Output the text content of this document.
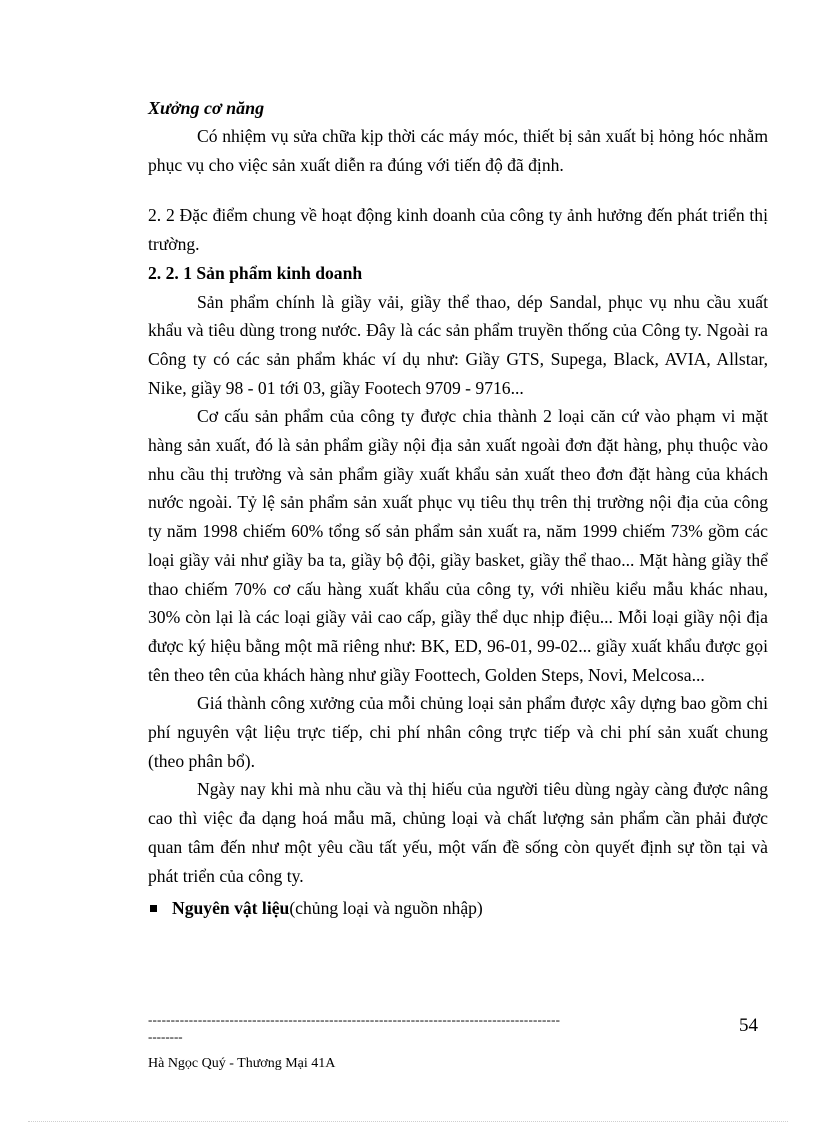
Xưởng cơ năng

Có nhiệm vụ sửa chữa kịp thời các máy móc, thiết bị sản xuất bị hỏng hóc nhằm phục vụ cho việc sản xuất diễn ra đúng với tiến độ đã định.

2. 2 Đặc điểm chung về hoạt động kinh doanh của công ty ảnh hưởng đến phát triển thị trường.

2. 2. 1 Sản phẩm kinh doanh

Sản phẩm chính là giầy vải, giầy thể thao, dép Sandal, phục vụ nhu cầu xuất khẩu và tiêu dùng trong nước. Đây là các sản phẩm truyền thống của Công ty. Ngoài ra Công ty có các sản phẩm khác ví dụ như: Giầy GTS, Supega, Black, AVIA, Allstar, Nike, giầy 98 - 01 tới 03, giầy Footech 9709 - 9716...

Cơ cấu sản phẩm của công ty được chia thành 2 loại căn cứ vào phạm vi mặt hàng sản xuất, đó là sản phẩm giầy nội địa sản xuất ngoài đơn đặt hàng, phụ thuộc vào nhu cầu thị trường và sản phẩm giầy xuất khẩu sản xuất theo đơn đặt hàng của khách nước ngoài. Tỷ lệ sản phẩm sản xuất phục vụ tiêu thụ trên thị trường nội địa của công ty năm 1998 chiếm 60% tổng số sản phẩm sản xuất ra, năm 1999 chiếm 73% gồm các loại giầy vải như giầy ba ta, giầy bộ đội, giầy basket, giầy thể thao... Mặt hàng giầy thể thao chiếm 70% cơ cấu hàng xuất khẩu của công ty, với nhiều kiểu mẫu khác nhau, 30% còn lại là các loại giầy vải cao cấp, giầy thể dục nhịp điệu... Mỗi loại giầy nội địa được ký hiệu bằng một mã riêng như: BK, ED, 96-01, 99-02... giầy xuất khẩu được gọi tên theo tên của khách hàng như giầy Foottech, Golden Steps, Novi, Melcosa...

Giá thành công xưởng của mỗi chủng loại sản phẩm được xây dựng bao gồm chi phí nguyên vật liệu trực tiếp, chi phí nhân công trực tiếp và chi phí sản xuất chung (theo phân bổ).

Ngày nay khi mà nhu cầu và thị hiếu của người tiêu dùng ngày càng được nâng cao thì việc đa dạng hoá mẫu mã, chủng loại và chất lượng sản phẩm cần phải được quan tâm đến như một yêu cầu tất yếu, một vấn đề sống còn quyết định sự tồn tại và phát triển của công ty.

Nguyên vật liệu (chủng loại và nguồn nhập)
-------------------------------------------------------------------------------------------
--------
54
Hà Ngọc Quý - Thương Mại 41A
